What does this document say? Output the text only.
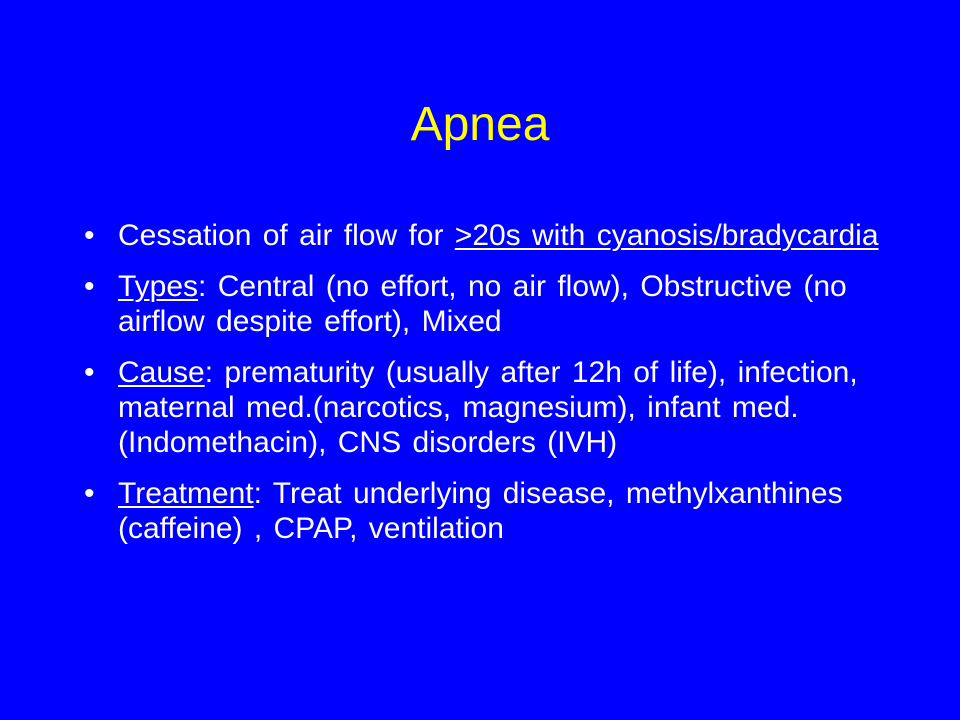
Apnea
• Cessation of air flow for >20s with cyanosis/bradycardia
• Types: Central (no effort, no air flow), Obstructive (no airflow despite effort), Mixed
• Cause: prematurity (usually after 12h of life), infection, maternal med.(narcotics, magnesium), infant med.(Indomethacin), CNS disorders (IVH)
• Treatment: Treat underlying disease, methylxanthines (caffeine) , CPAP, ventilation
